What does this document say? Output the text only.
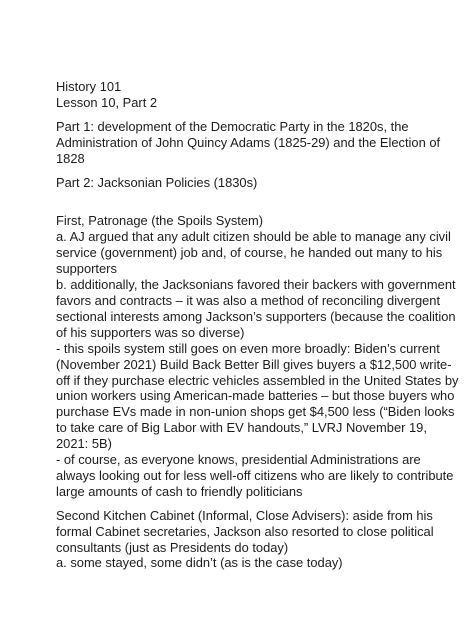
History 101

Lesson 10, Part 2

Part 1: development of the Democratic Party in the 1820s, the Administration of John Quincy Adams (1825-29) and the Election of 1828

Part 2: Jacksonian Policies (1830s)

First, Patronage (the Spoils System)

a. AJ argued that any adult citizen should be able to manage any civil service (government) job and, of course, he handed out many to his supporters

b. additionally, the Jacksonians favored their backers with government favors and contracts – it was also a method of reconciling divergent sectional interests among Jackson’s supporters (because the coalition of his supporters was so diverse)

- this spoils system still goes on even more broadly: Biden’s current (November 2021) Build Back Better Bill gives buyers a $12,500 write-off if they purchase electric vehicles assembled in the United States by union workers using American-made batteries – but those buyers who purchase EVs made in non-union shops get $4,500 less (“Biden looks to take care of Big Labor with EV handouts,” LVRJ November 19, 2021: 5B)

- of course, as everyone knows, presidential Administrations are always looking out for less well-off citizens who are likely to contribute large amounts of cash to friendly politicians

Second Kitchen Cabinet (Informal, Close Advisers): aside from his formal Cabinet secretaries, Jackson also resorted to close political consultants (just as Presidents do today)

a. some stayed, some didn’t (as is the case today)
